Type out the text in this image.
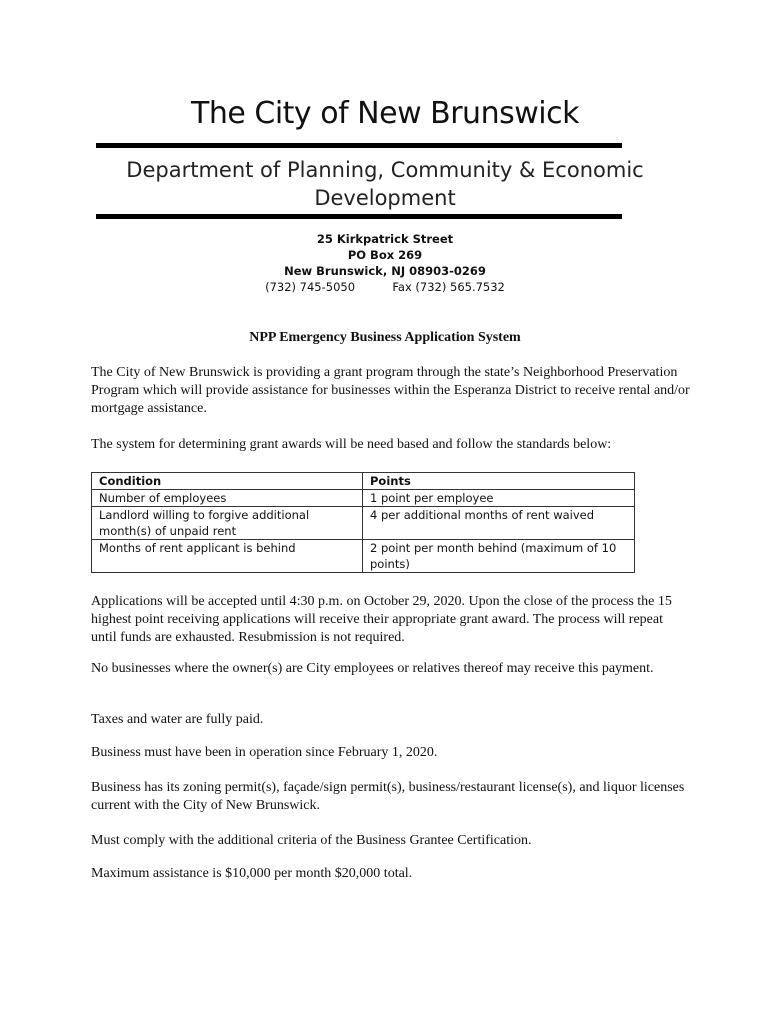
The City of New Brunswick
Department of Planning, Community & Economic Development
25 Kirkpatrick Street
PO Box 269
New Brunswick, NJ 08903-0269
(732) 745-5050	Fax (732) 565.7532
NPP Emergency Business Application System
The City of New Brunswick is providing a grant program through the state’s Neighborhood Preservation Program which will provide assistance for businesses within the Esperanza District to receive rental and/or mortgage assistance.
The system for determining grant awards will be need based and follow the standards below:
Condition	Points
Number of employees	1 point per employee
Landlord willing to forgive additional month(s) of unpaid rent	4 per additional months of rent waived
Months of rent applicant is behind	2 point per month behind (maximum of 10 points)
Applications will be accepted until 4:30 p.m. on October 29, 2020. Upon the close of the process the 15 highest point receiving applications will receive their appropriate grant award. The process will repeat until funds are exhausted. Resubmission is not required.
No businesses where the owner(s) are City employees or relatives thereof may receive this payment.
Taxes and water are fully paid.
Business must have been in operation since February 1, 2020.
Business has its zoning permit(s), façade/sign permit(s), business/restaurant license(s), and liquor licenses current with the City of New Brunswick.
Must comply with the additional criteria of the Business Grantee Certification.
Maximum assistance is $10,000 per month $20,000 total.
